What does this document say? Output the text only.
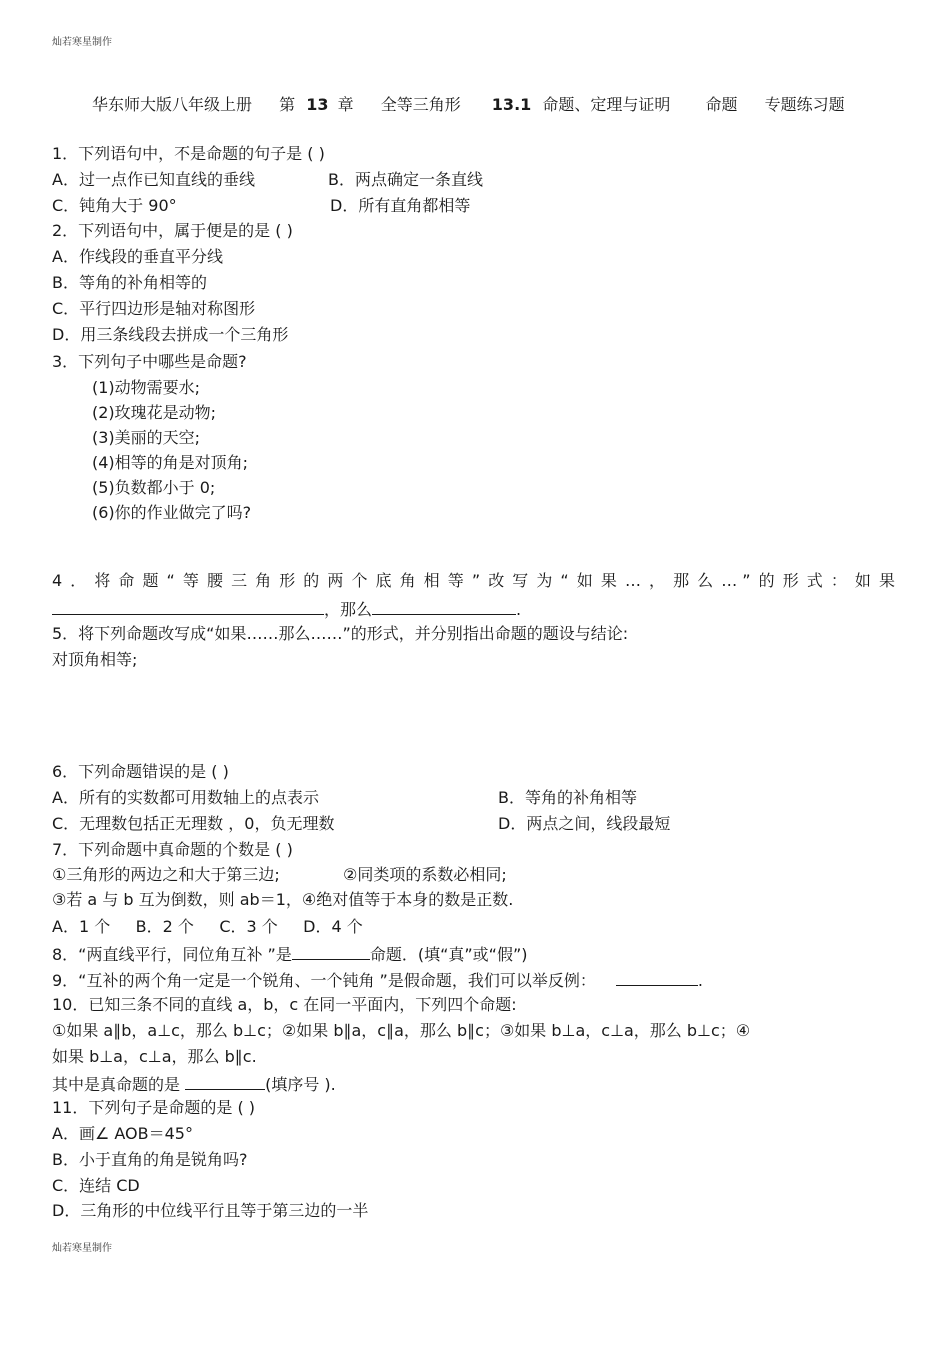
灿若寒星制作
华东师大版八年级上册 第 13 章 全等三角形 13.1 命题、定理与证明 命题 专题练习题
1．下列语句中，不是命题的句子是 ( )
A．过一点作已知直线的垂线	B．两点确定一条直线
C．钝角大于 90°	D．所有直角都相等
2．下列语句中，属于便是的是 ( )
A．作线段的垂直平分线
B．等角的补角相等的
C．平行四边形是轴对称图形
D．用三条线段去拼成一个三角形
3．下列句子中哪些是命题?
(1)动物需要水;
(2)玫瑰花是动物;
(3)美丽的天空;
(4)相等的角是对顶角;
(5)负数都小于 0;
(6)你的作业做完了吗?
4．将命题“等腰三角形的两个底角相等”改写为“如果…，那么…”的形式：如果
，那么	.
5．将下列命题改写成“如果……那么……”的形式，并分别指出命题的题设与结论:
对顶角相等;
6．下列命题错误的是 ( )
A．所有的实数都可用数轴上的点表示	B．等角的补角相等
C．无理数包括正无理数 ，0，负无理数	D．两点之间，线段最短
7．下列命题中真命题的个数是 ( )
①三角形的两边之和大于第三边;	②同类项的系数必相同;
③若 a 与 b 互为倒数，则 ab＝1，④绝对值等于本身的数是正数.
A．1 个     B．2 个     C．3 个     D．4 个
8．“两直线平行，同位角互补 ”是	命题．(填“真”或“假”)
9．“互补的两个角一定是一个锐角、一个钝角 ”是假命题，我们可以举反例：	.
10．已知三条不同的直线 a，b，c 在同一平面内，下列四个命题:
①如果 a∥b，a⊥c，那么 b⊥c；②如果 b∥a，c∥a，那么 b∥c；③如果 b⊥a，c⊥a，那么 b⊥c；④
如果 b⊥a，c⊥a，那么 b∥c.
其中是真命题的是	(填序号 ).
11．下列句子是命题的是 ( )
A．画∠ AOB＝45°
B．小于直角的角是锐角吗?
C．连结 CD
D．三角形的中位线平行且等于第三边的一半
灿若寒星制作
